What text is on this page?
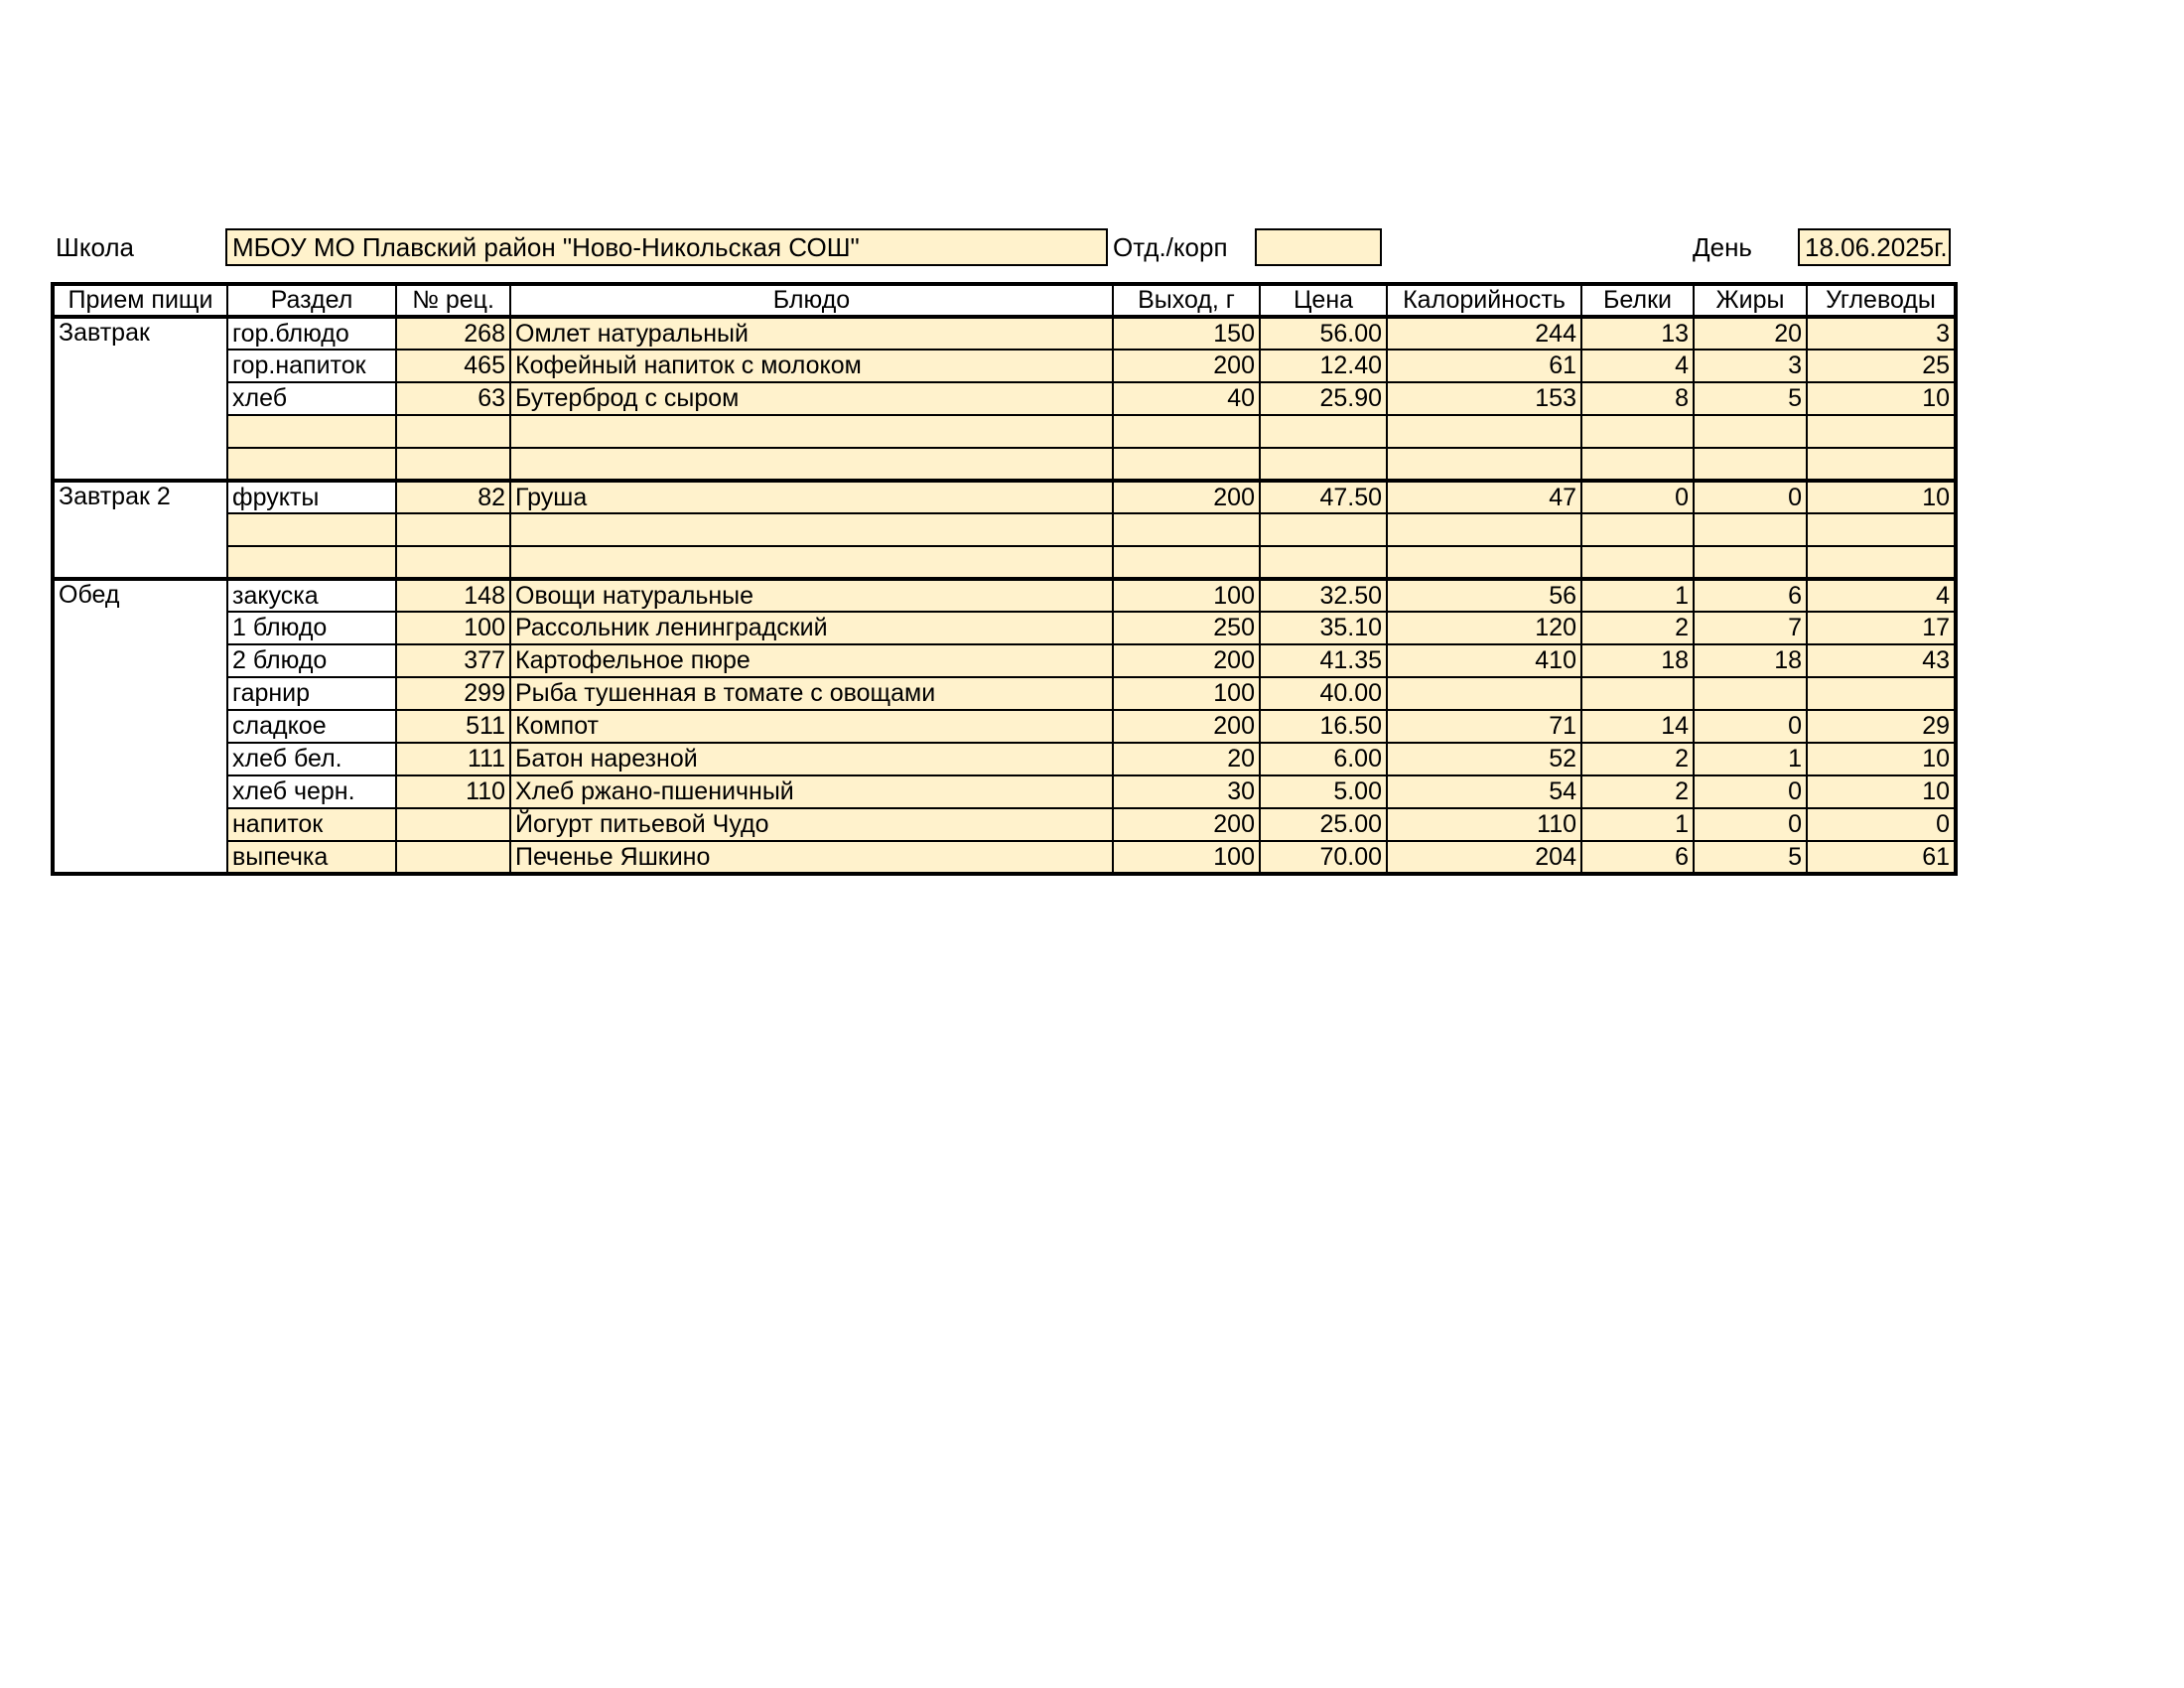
Школа	МБОУ МО Плавский район "Ново-Никольская СОШ"	Отд./корп	День 18.06.2025г.
Прием пищи	Раздел	№ рец.	Блюдо	Выход, г	Цена	Калорийность	Белки	Жиры	Углеводы
Завтрак	гор.блюдо	268	Омлет натуральный	150	56.00	244	13	20	3
	гор.напиток	465	Кофейный напиток с молоком	200	12.40	61	4	3	25
	хлеб	63	Бутерброд с сыром	40	25.90	153	8	5	10

Завтрак 2	фрукты	82	Груша	200	47.50	47	0	0	10

Обед	закуска	148	Овощи натуральные	100	32.50	56	1	6	4
	1 блюдо	100	Рассольник ленинградский	250	35.10	120	2	7	17
	2 блюдо	377	Картофельное пюре	200	41.35	410	18	18	43
	гарнир	299	Рыба тушенная в томате с овощами	100	40.00				
	сладкое	511	Компот	200	16.50	71	14	0	29
	хлеб бел.	111	Батон нарезной	20	6.00	52	2	1	10
	хлеб черн.	110	Хлеб ржано-пшеничный	30	5.00	54	2	0	10
	напиток		Йогурт питьевой Чудо	200	25.00	110	1	0	0
	выпечка		Печенье Яшкино	100	70.00	204	6	5	61
